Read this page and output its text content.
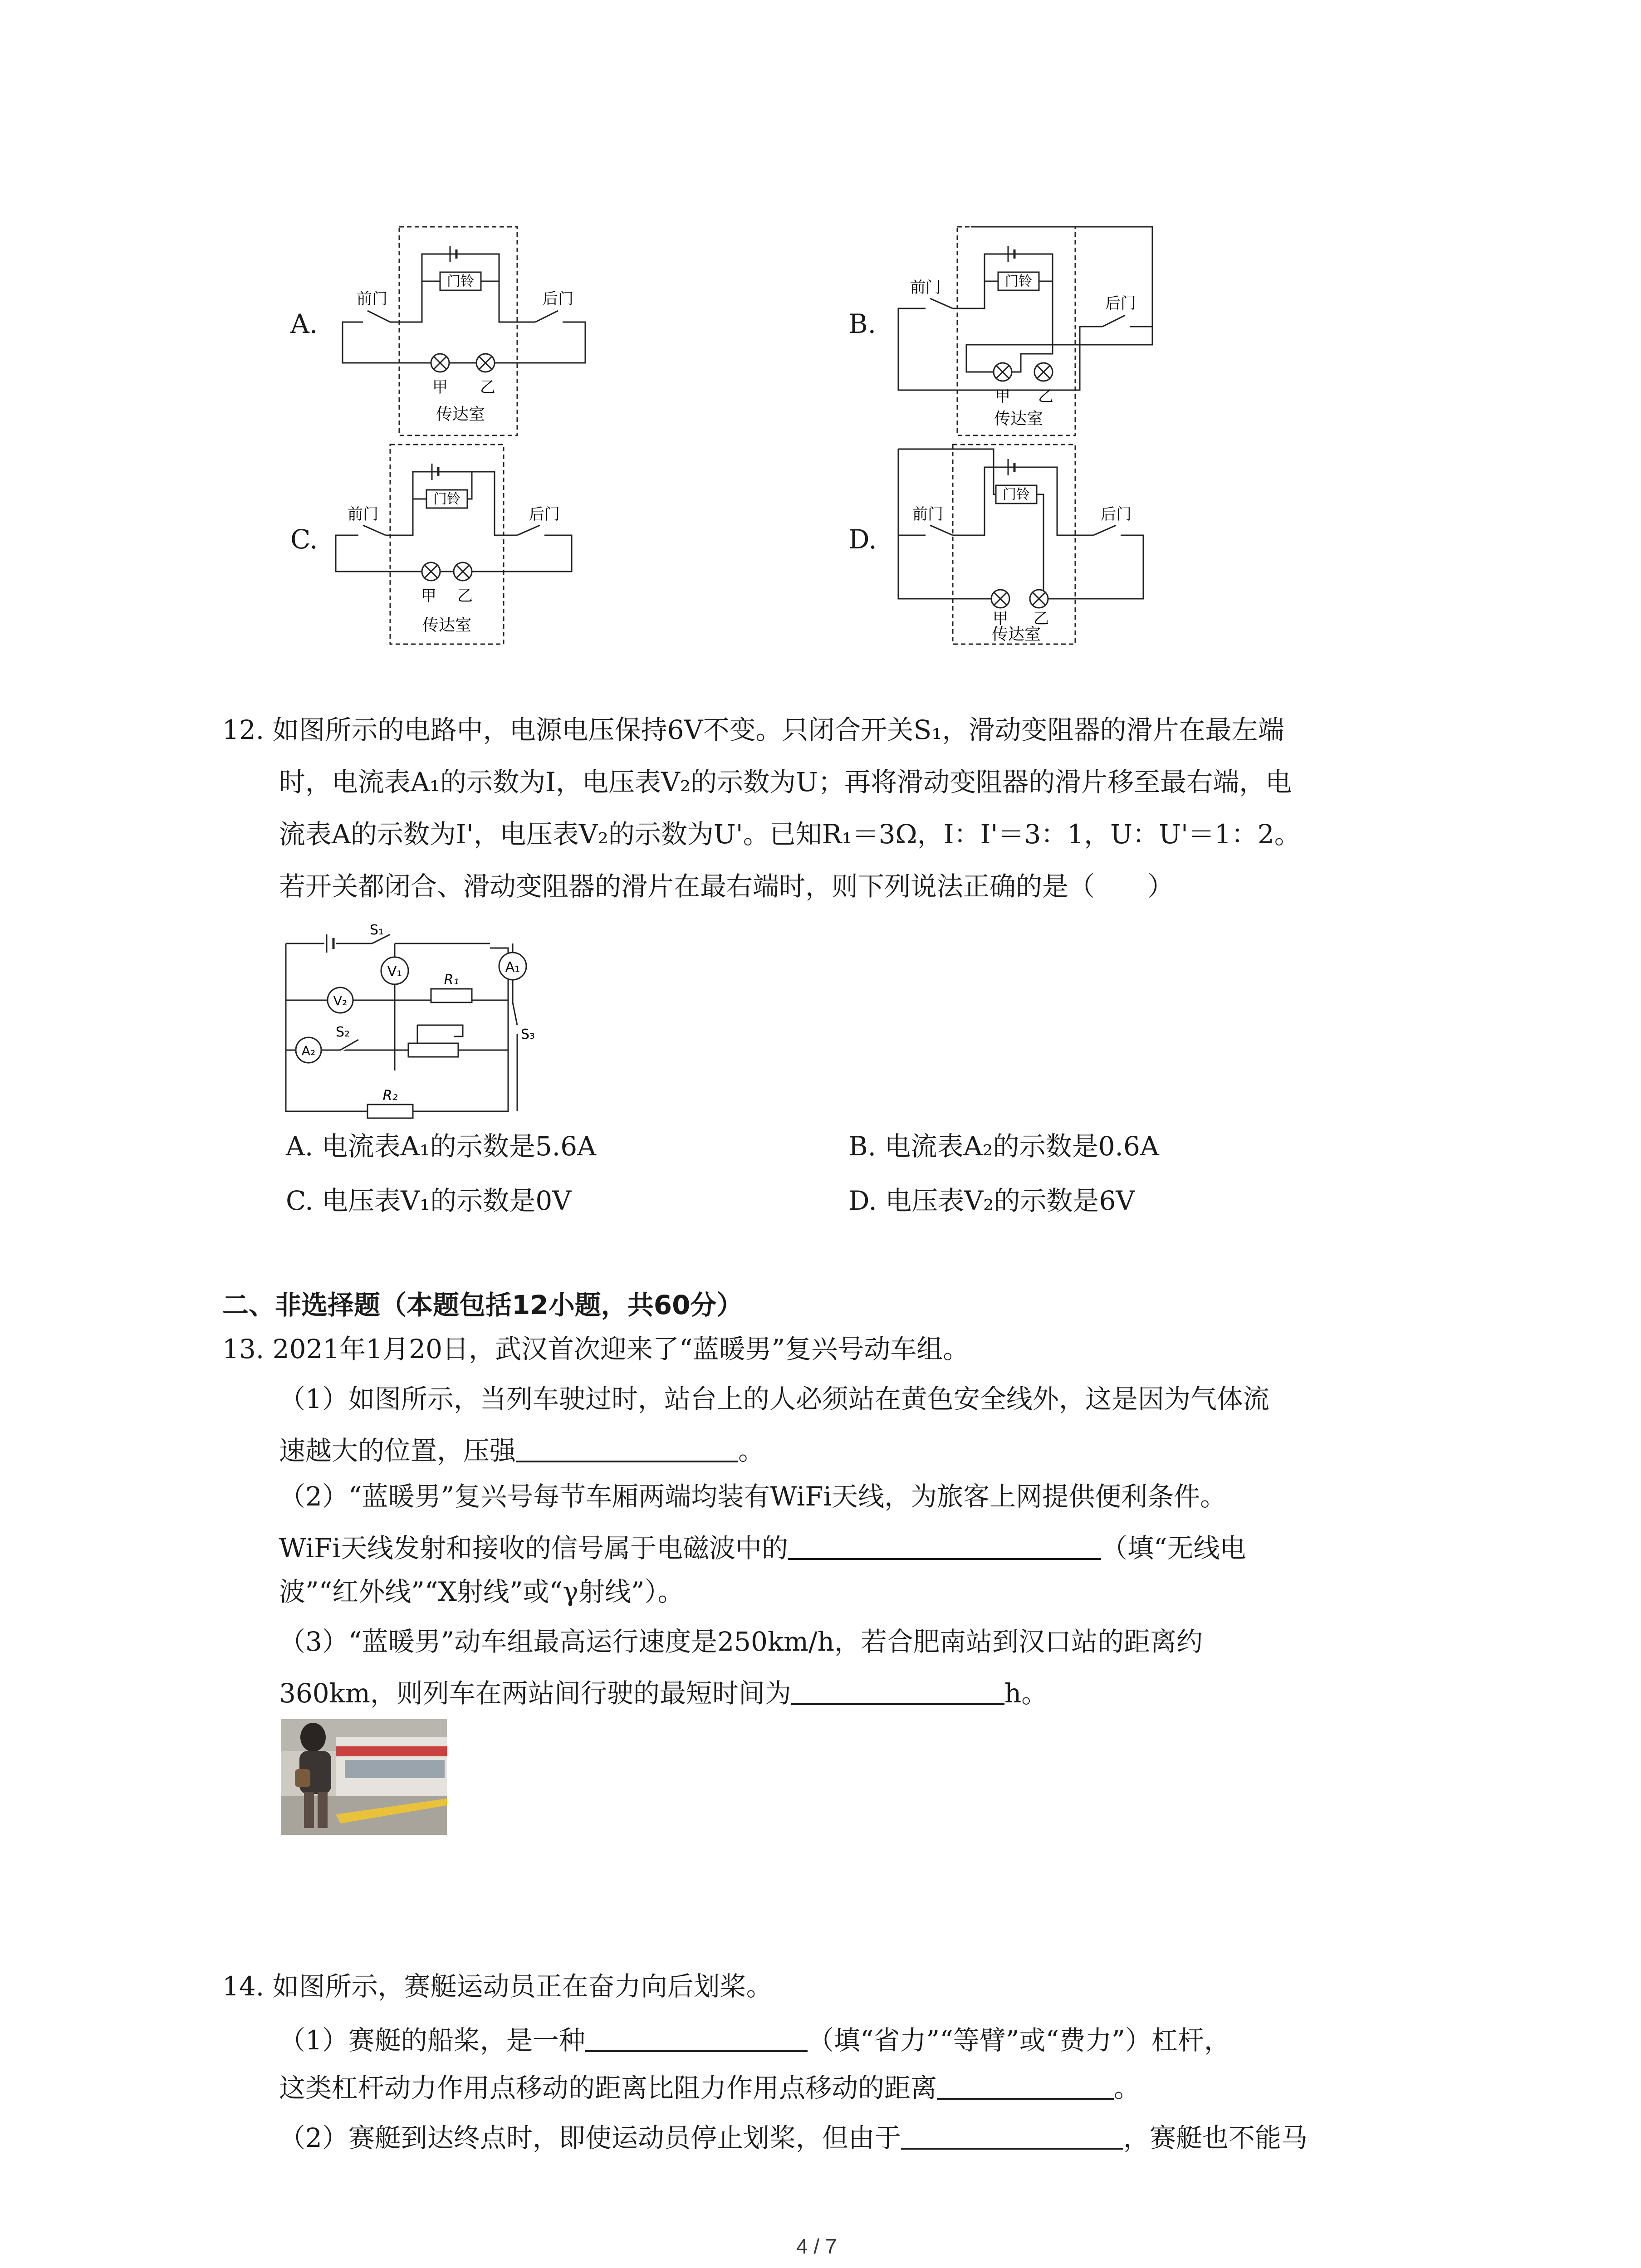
A.
门铃
前门	后门
甲 乙
传达室
B.
门铃
前门
后门
甲 乙
传达室
C.
门铃
前门	后门
甲 乙
传达室
D.
门铃
前门	后门
甲 乙
传达室
12. 如图所示的电路中，电源电压保持6V不变。只闭合开关S₁，滑动变阻器的滑片在最左端
时，电流表A₁的示数为I，电压表V₂的示数为U；再将滑动变阻器的滑片移至最右端，电
流表A的示数为I'，电压表V₂的示数为U'。已知R₁＝3Ω，I：I'＝3：1，U：U'＝1：2。
若开关都闭合、滑动变阻器的滑片在最右端时，则下列说法正确的是（　　）
S₁
A₁
S₃
V₁
V₂
R₁
A₂
S₂
R₂
A. 电流表A₁的示数是5.6A	B. 电流表A₂的示数是0.6A
C. 电压表V₁的示数是0V	D. 电压表V₂的示数是6V
二、非选择题（本题包括12小题，共60分）
13. 2021年1月20日，武汉首次迎来了“蓝暖男”复兴号动车组。
（1）如图所示，当列车驶过时，站台上的人必须站在黄色安全线外，这是因为气体流
速越大的位置，压强	。
（2）“蓝暖男”复兴号每节车厢两端均装有WiFi天线，为旅客上网提供便利条件。
WiFi天线发射和接收的信号属于电磁波中的	（填“无线电
波”“红外线”“X射线”或“γ射线”）。
（3）“蓝暖男”动车组最高运行速度是250km/h，若合肥南站到汉口站的距离约
360km，则列车在两站间行驶的最短时间为	h。
14. 如图所示，赛艇运动员正在奋力向后划桨。
（1）赛艇的船桨，是一种	（填“省力”“等臂”或“费力”）杠杆，
这类杠杆动力作用点移动的距离比阻力作用点移动的距离	。
（2）赛艇到达终点时，即使运动员停止划桨，但由于	，赛艇也不能马
4 / 7
